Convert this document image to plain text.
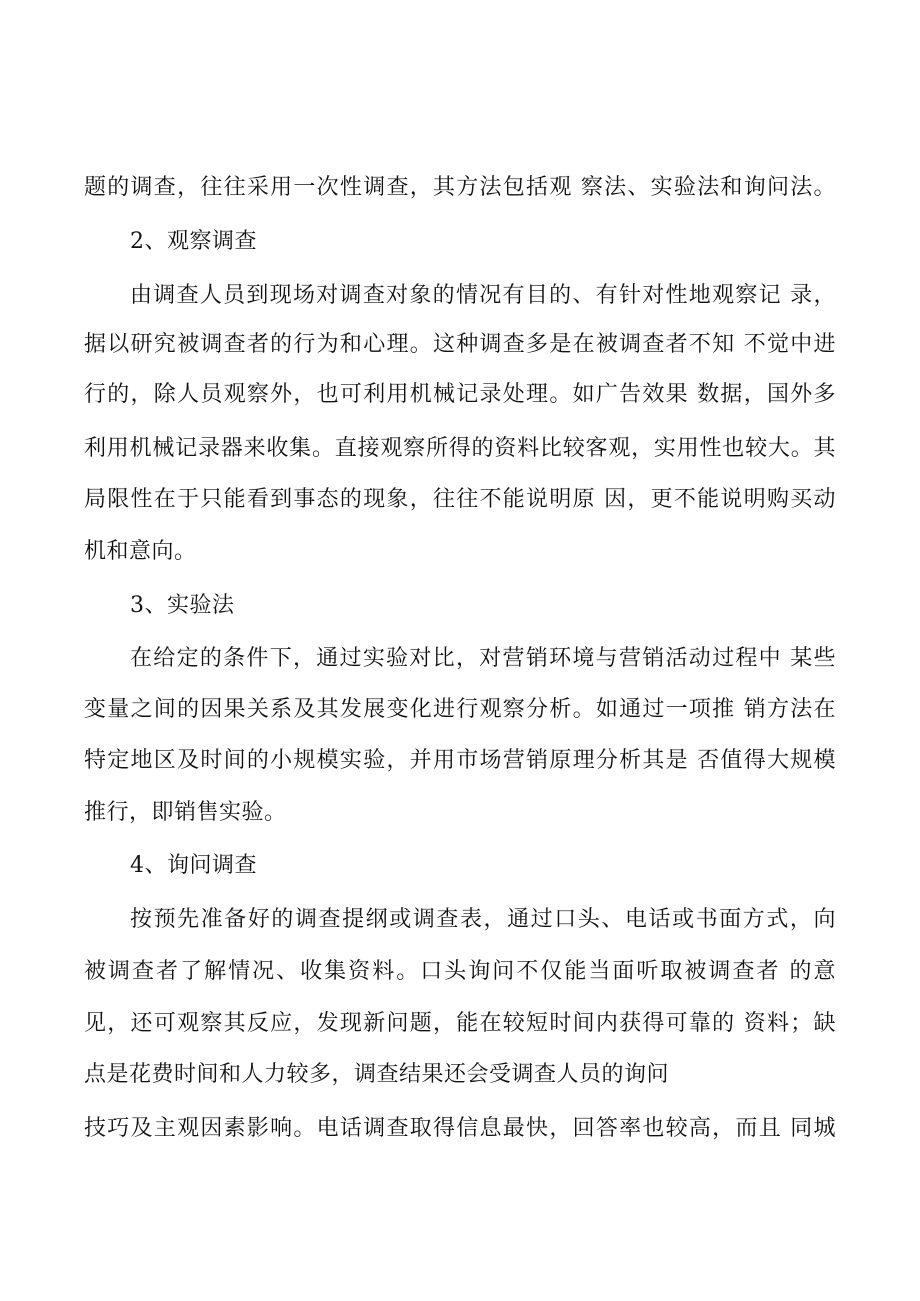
题的调查，往往采用一次性调查，其方法包括观 察法、实验法和询问法。
2、观察调查
由调查人员到现场对调查对象的情况有目的、有针对性地观察记 录，
据以研究被调查者的行为和心理。这种调查多是在被调查者不知 不觉中进
行的，除人员观察外，也可利用机械记录处理。如广告效果 数据，国外多
利用机械记录器来收集。直接观察所得的资料比较客观，实用性也较大。其
局限性在于只能看到事态的现象，往往不能说明原 因，更不能说明购买动
机和意向。
3、实验法
在给定的条件下，通过实验对比，对营销环境与营销活动过程中 某些
变量之间的因果关系及其发展变化进行观察分析。如通过一项推 销方法在
特定地区及时间的小规模实验，并用市场营销原理分析其是 否值得大规模
推行，即销售实验。
4、询问调查
按预先准备好的调查提纲或调查表，通过口头、电话或书面方式，向
被调查者了解情况、收集资料。口头询问不仅能当面听取被调查者 的意
见，还可观察其反应，发现新问题，能在较短时间内获得可靠的 资料；缺
点是花费时间和人力较多，调查结果还会受调查人员的询问
技巧及主观因素影响。电话调查取得信息最快，回答率也较高，而且 同城
